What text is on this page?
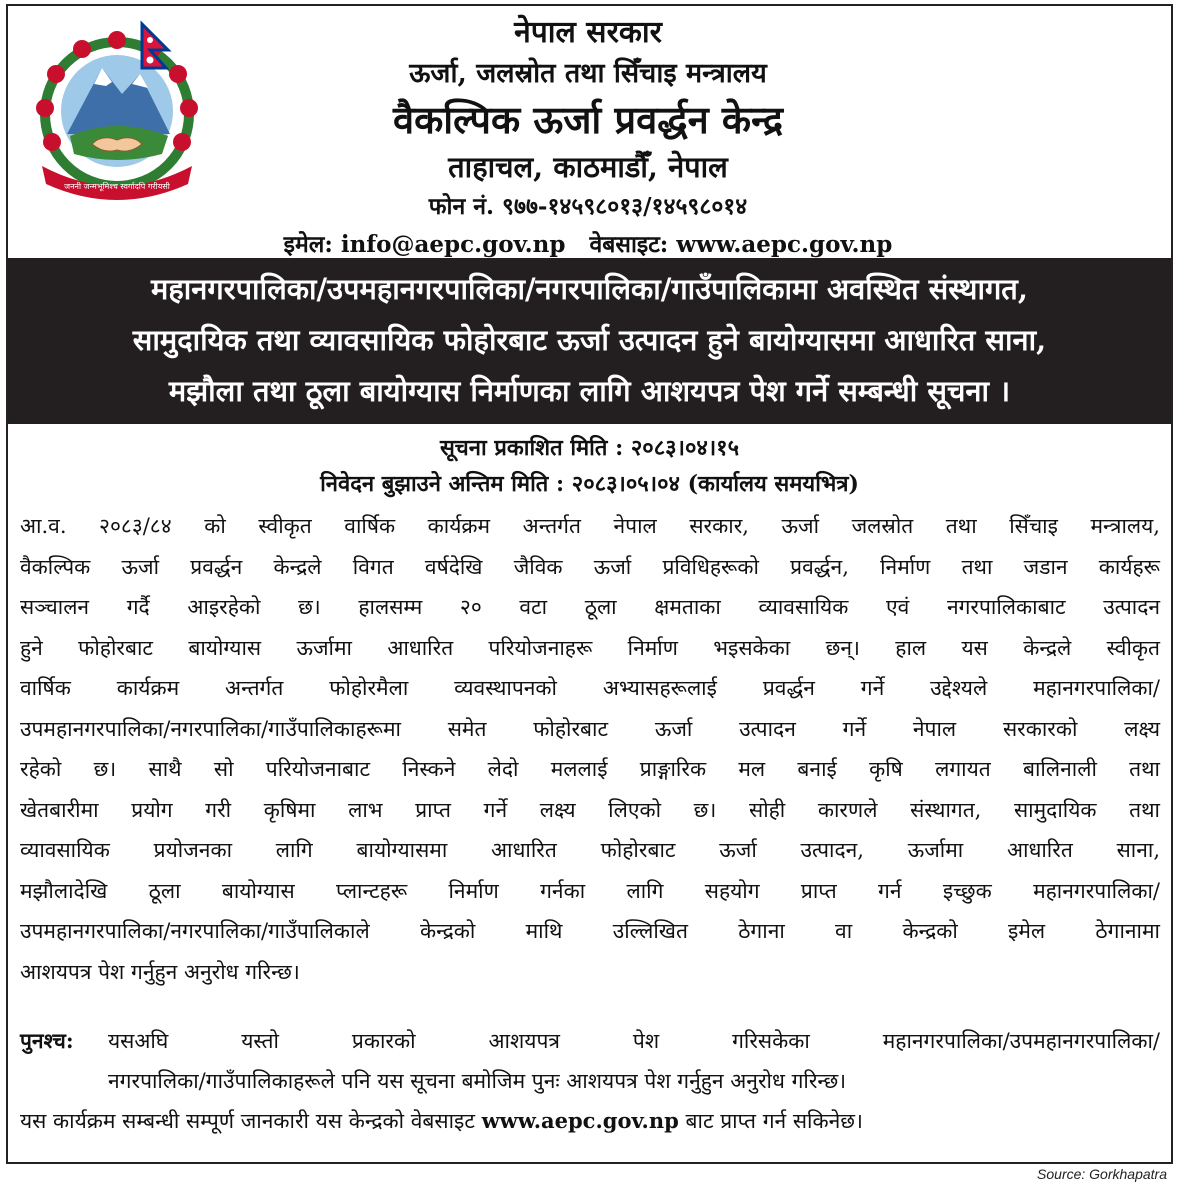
जननी जन्मभूमिश्च स्वर्गादपि गरीयसी
नेपाल सरकार
ऊर्जा, जलस्रोत तथा सिँचाइ मन्त्रालय
वैकल्पिक ऊर्जा प्रवर्द्धन केन्द्र
ताहाचल, काठमाडौँ, नेपाल
फोन नं. ९७७-१४५९८०१३/१४५९८०१४
इमेल: info@aepc.gov.np वेबसाइट: www.aepc.gov.np
महानगरपालिका/उपमहानगरपालिका/नगरपालिका/गाउँपालिकामा अवस्थित संस्थागत,
सामुदायिक तथा व्यावसायिक फोहोरबाट ऊर्जा उत्पादन हुने बायोग्यासमा आधारित साना,
मझौला तथा ठूला बायोग्यास निर्माणका लागि आशयपत्र पेश गर्ने सम्बन्धी सूचना ।
सूचना प्रकाशित मिति : २०८३।०४।१५
निवेदन बुझाउने अन्तिम मिति : २०८३।०५।०४ (कार्यालय समयभित्र)

आ.व. २०८३/८४ को स्वीकृत वार्षिक कार्यक्रम अन्तर्गत नेपाल सरकार, ऊर्जा जलस्रोत तथा सिँचाइ मन्त्रालय,

वैकल्पिक ऊर्जा प्रवर्द्धन केन्द्रले विगत वर्षदेखि जैविक ऊर्जा प्रविधिहरूको प्रवर्द्धन, निर्माण तथा जडान कार्यहरू

सञ्चालन गर्दै आइरहेको छ। हालसम्म २० वटा ठूला क्षमताका व्यावसायिक एवं नगरपालिकाबाट उत्पादन

हुने फोहोरबाट बायोग्यास ऊर्जामा आधारित परियोजनाहरू निर्माण भइसकेका छन्। हाल यस केन्द्रले स्वीकृत

वार्षिक कार्यक्रम अन्तर्गत फोहोरमैला व्यवस्थापनको अभ्यासहरूलाई प्रवर्द्धन गर्ने उद्देश्यले महानगरपालिका/

उपमहानगरपालिका/नगरपालिका/गाउँपालिकाहरूमा समेत फोहोरबाट ऊर्जा उत्पादन गर्ने नेपाल सरकारको लक्ष्य

रहेको छ। साथै सो परियोजनाबाट निस्कने लेदो मललाई प्राङ्गारिक मल बनाई कृषि लगायत बालिनाली तथा

खेतबारीमा प्रयोग गरी कृषिमा लाभ प्राप्त गर्ने लक्ष्य लिएको छ। सोही कारणले संस्थागत, सामुदायिक तथा

व्यावसायिक प्रयोजनका लागि बायोग्यासमा आधारित फोहोरबाट ऊर्जा उत्पादन, ऊर्जामा आधारित साना,

मझौलादेखि ठूला बायोग्यास प्लान्टहरू निर्माण गर्नका लागि सहयोग प्राप्त गर्न इच्छुक महानगरपालिका/

उपमहानगरपालिका/नगरपालिका/गाउँपालिकाले केन्द्रको माथि उल्लिखित ठेगाना वा केन्द्रको इमेल ठेगानामा

आशयपत्र पेश गर्नुहुन अनुरोध गरिन्छ।

पुनश्च:	यसअघि यस्तो प्रकारको आशयपत्र पेश गरिसकेका महानगरपालिका/उपमहानगरपालिका/
नगरपालिका/गाउँपालिकाहरूले पनि यस सूचना बमोजिम पुनः आशयपत्र पेश गर्नुहुन अनुरोध गरिन्छ।
यस कार्यक्रम सम्बन्धी सम्पूर्ण जानकारी यस केन्द्रको वेबसाइट www.aepc.gov.np बाट प्राप्त गर्न सकिनेछ।
Source: Gorkhapatra
